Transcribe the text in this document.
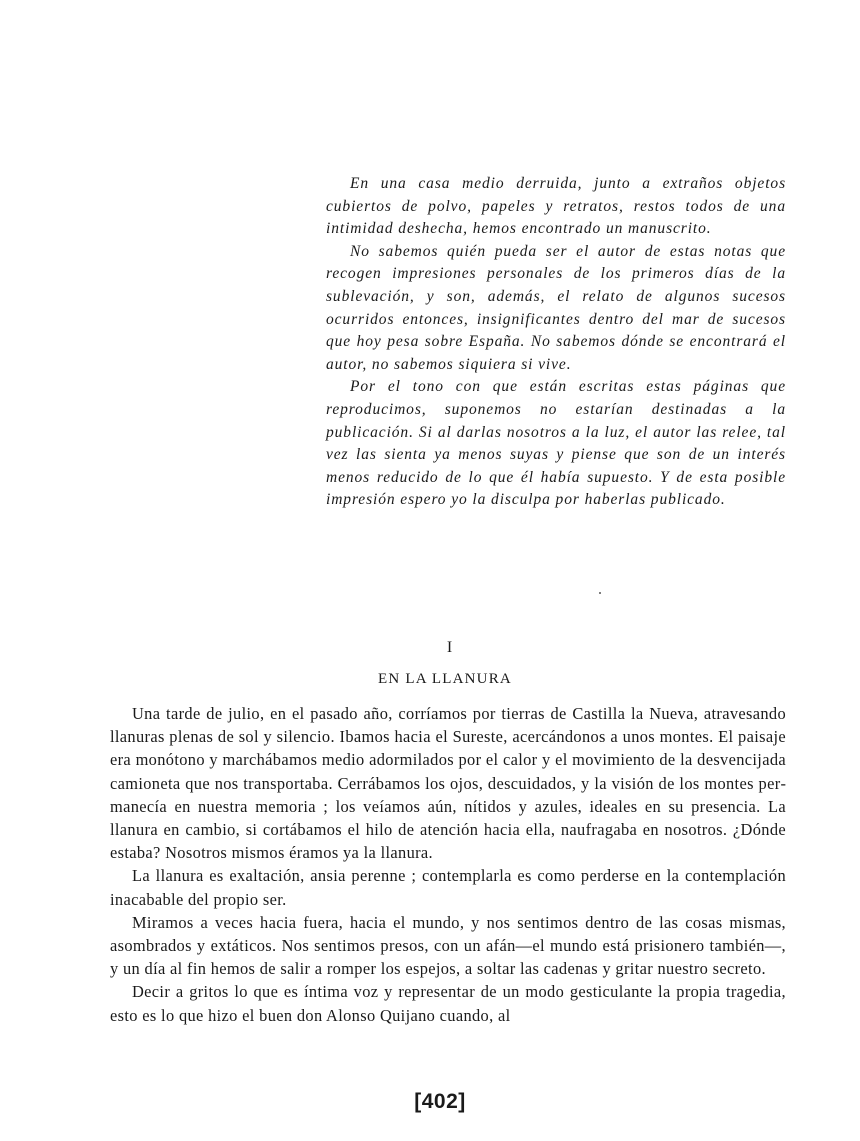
En una casa medio derruida, junto a extraños objetos cubiertos de polvo, papeles y retratos, restos todos de una intimidad deshecha, hemos encontrado un manuscrito.

No sabemos quién pueda ser el autor de estas notas que recogen impresiones personales de los primeros días de la sublevación, y son, además, el relato de algunos sucesos ocurridos entonces, insignificantes dentro del mar de sucesos que hoy pesa sobre España. No sabemos dónde se encontrará el autor, no sabemos siquiera si vive.

Por el tono con que están escritas estas páginas que reproducimos, suponemos no estarían destinadas a la publicación. Si al darlas nosotros a la luz, el autor las relee, tal vez las sienta ya menos suyas y piense que son de un interés menos reducido de lo que él había supuesto. Y de esta posible impresión espero yo la disculpa por haberlas publicado.

I
EN LA LLANURA

Una tarde de julio, en el pasado año, corríamos por tierras de Castilla la Nueva, atravesando llanuras plenas de sol y silencio. Ibamos hacia el Sureste, acercándonos a unos montes. El paisaje era monótono y marchábamos medio adormilados por el calor y el movimiento de la desvencijada camioneta que nos transportaba. Cerrábamos los ojos, descuidados, y la visión de los montes permanecía en nuestra memoria ; los veíamos aún, nítidos y azules, ideales en su presencia. La llanura en cambio, si cortábamos el hilo de atención hacia ella, naufragaba en nosotros. ¿Dónde estaba? Nosotros mismos éramos ya la llanura.

La llanura es exaltación, ansia perenne ; contemplarla es como perderse en la contemplación inacabable del propio ser.

Miramos a veces hacia fuera, hacia el mundo, y nos sentimos dentro de las cosas mismas, asombrados y extáticos. Nos sentimos presos, con un afán—el mundo está prisionero también—, y un día al fin hemos de salir a romper los espejos, a soltar las cadenas y gritar nuestro secreto.

Decir a gritos lo que es íntima voz y representar de un modo gesticulante la propia tragedia, esto es lo que hizo el buen don Alonso Quijano cuando, al

[402]
